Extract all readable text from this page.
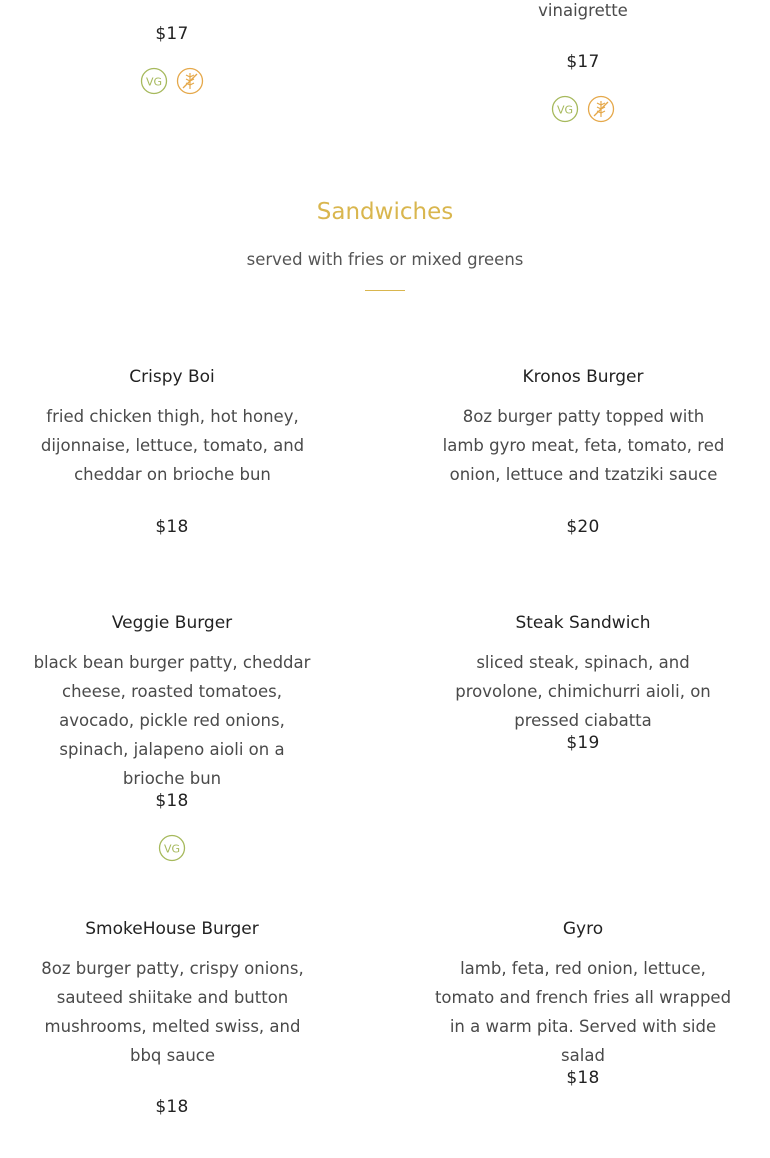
$17
VG
vinaigrette
$17
VG
Sandwiches
served with fries or mixed greens
Crispy Boi
fried chicken thigh, hot honey, dijonnaise, lettuce, tomato, and cheddar on brioche bun
$18
Kronos Burger
8oz burger patty topped with lamb gyro meat, feta, tomato, red onion, lettuce and tzatziki sauce
$20
Veggie Burger
black bean burger patty, cheddar cheese, roasted tomatoes, avocado, pickle red onions, spinach, jalapeno aioli on a brioche bun
$18
VG
Steak Sandwich
sliced steak, spinach, and provolone, chimichurri aioli, on pressed ciabatta
$19
SmokeHouse Burger
8oz burger patty, crispy onions, sauteed shiitake and button mushrooms, melted swiss, and bbq sauce
$18
Gyro
lamb, feta, red onion, lettuce, tomato and french fries all wrapped in a warm pita. Served with side salad
$18
